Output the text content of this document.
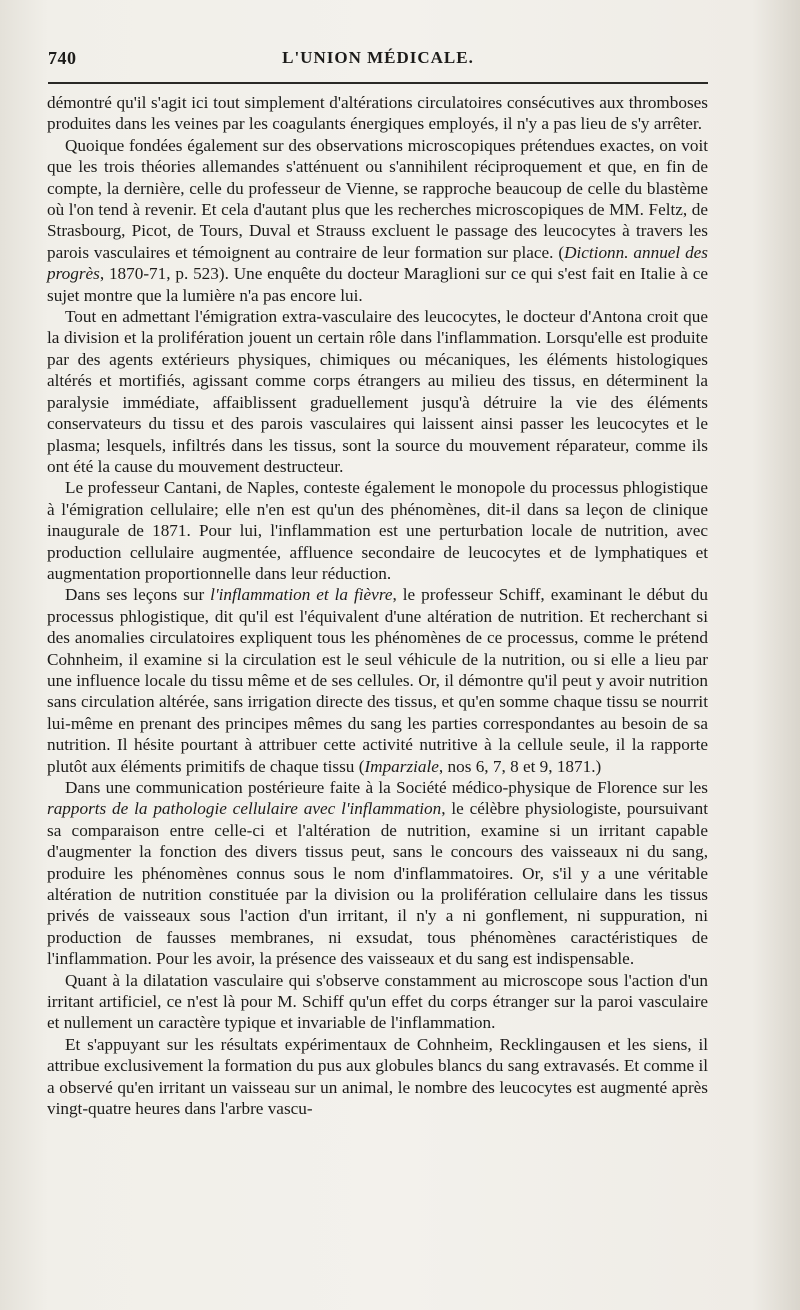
740	L'UNION MÉDICALE.

démontré qu'il s'agit ici tout simplement d'altérations circulatoires consécutives aux thromboses produites dans les veines par les coagulants énergiques employés, il n'y a pas lieu de s'y arrêter.

Quoique fondées également sur des observations microscopiques prétendues exactes, on voit que les trois théories allemandes s'atténuent ou s'annihilent réciproquement et que, en fin de compte, la dernière, celle du professeur de Vienne, se rapproche beaucoup de celle du blastème où l'on tend à revenir. Et cela d'autant plus que les recherches microscopiques de MM. Feltz, de Strasbourg, Picot, de Tours, Duval et Strauss excluent le passage des leucocytes à travers les parois vasculaires et témoignent au contraire de leur formation sur place. (Dictionn. annuel des progrès, 1870-71, p. 523). Une enquête du docteur Maraglioni sur ce qui s'est fait en Italie à ce sujet montre que la lumière n'a pas encore lui.

Tout en admettant l'émigration extra-vasculaire des leucocytes, le docteur d'Antona croit que la division et la prolifération jouent un certain rôle dans l'inflammation. Lorsqu'elle est produite par des agents extérieurs physiques, chimiques ou mécaniques, les éléments histologiques altérés et mortifiés, agissant comme corps étrangers au milieu des tissus, en déterminent la paralysie immédiate, affaiblissent graduellement jusqu'à détruire la vie des éléments conservateurs du tissu et des parois vasculaires qui laissent ainsi passer les leucocytes et le plasma; lesquels, infiltrés dans les tissus, sont la source du mouvement réparateur, comme ils ont été la cause du mouvement destructeur.

Le professeur Cantani, de Naples, conteste également le monopole du processus phlogistique à l'émigration cellulaire; elle n'en est qu'un des phénomènes, dit-il dans sa leçon de clinique inaugurale de 1871. Pour lui, l'inflammation est une perturbation locale de nutrition, avec production cellulaire augmentée, affluence secondaire de leucocytes et de lymphatiques et augmentation proportionnelle dans leur réduction.

Dans ses leçons sur l'inflammation et la fièvre, le professeur Schiff, examinant le début du processus phlogistique, dit qu'il est l'équivalent d'une altération de nutrition. Et recherchant si des anomalies circulatoires expliquent tous les phénomènes de ce processus, comme le prétend Cohnheim, il examine si la circulation est le seul véhicule de la nutrition, ou si elle a lieu par une influence locale du tissu même et de ses cellules. Or, il démontre qu'il peut y avoir nutrition sans circulation altérée, sans irrigation directe des tissus, et qu'en somme chaque tissu se nourrit lui-même en prenant des principes mêmes du sang les parties correspondantes au besoin de sa nutrition. Il hésite pourtant à attribuer cette activité nutritive à la cellule seule, il la rapporte plutôt aux éléments primitifs de chaque tissu (Imparziale, nos 6, 7, 8 et 9, 1871.)

Dans une communication postérieure faite à la Société médico-physique de Florence sur les rapports de la pathologie cellulaire avec l'inflammation, le célèbre physiologiste, poursuivant sa comparaison entre celle-ci et l'altération de nutrition, examine si un irritant capable d'augmenter la fonction des divers tissus peut, sans le concours des vaisseaux ni du sang, produire les phénomènes connus sous le nom d'inflammatoires. Or, s'il y a une véritable altération de nutrition constituée par la division ou la prolifération cellulaire dans les tissus privés de vaisseaux sous l'action d'un irritant, il n'y a ni gonflement, ni suppuration, ni production de fausses membranes, ni exsudat, tous phénomènes caractéristiques de l'inflammation. Pour les avoir, la présence des vaisseaux et du sang est indispensable.

Quant à la dilatation vasculaire qui s'observe constamment au microscope sous l'action d'un irritant artificiel, ce n'est là pour M. Schiff qu'un effet du corps étranger sur la paroi vasculaire et nullement un caractère typique et invariable de l'inflammation.

Et s'appuyant sur les résultats expérimentaux de Cohnheim, Recklingausen et les siens, il attribue exclusivement la formation du pus aux globules blancs du sang extravasés. Et comme il a observé qu'en irritant un vaisseau sur un animal, le nombre des leucocytes est augmenté après vingt-quatre heures dans l'arbre vascu-
